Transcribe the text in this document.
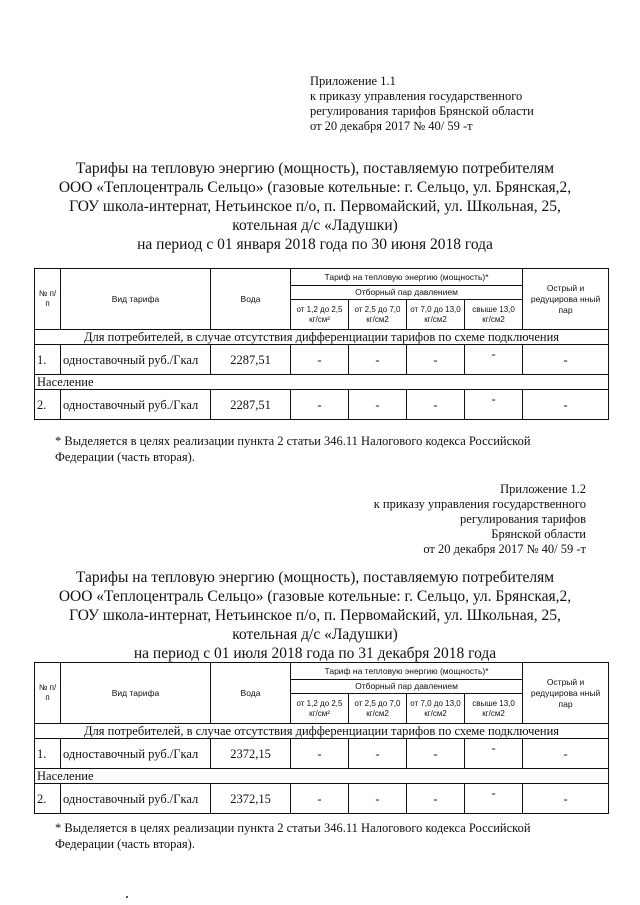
Приложение 1.1
к приказу управления государственного
регулирования тарифов Брянской области
от 20 декабря 2017 № 40/ 59 -т
Тарифы на тепловую энергию (мощность), поставляемую потребителям
ООО «Теплоцентраль Сельцо» (газовые котельные: г. Сельцо, ул. Брянская,2,
ГОУ школа-интернат, Нетьинское п/о, п. Первомайский, ул. Школьная, 25,
котельная д/с «Ладушки)
на период с 01 января 2018 года по 30 июня 2018 года
№ п/ п	Вид тарифа	Вода	Тариф на тепловую энергию (мощность)*				Острый и редуцирова нный пар
			Отборный пар давлением				
			от 1,2 до 2,5 кг/см²	от 2,5 до 7,0 кг/см2	от 7,0 до 13,0 кг/см2	свыше 13,0 кг/см2	
Для потребителей, в случае отсутствия дифференциации тарифов по схеме подключения							
1.	одноставочный руб./Гкал	2287,51	-	-	-	-	-
Население							
2.	одноставочный руб./Гкал	2287,51	-	-	-	-	-
* Выделяется в целях реализации пункта 2 статьи 346.11 Налогового кодекса Российской Федерации (часть вторая).
Приложение 1.2
к приказу управления государственного
регулирования тарифов
Брянской области
от 20 декабря 2017 № 40/ 59 -т
Тарифы на тепловую энергию (мощность), поставляемую потребителям
ООО «Теплоцентраль Сельцо» (газовые котельные: г. Сельцо, ул. Брянская,2,
ГОУ школа-интернат, Нетьинское п/о, п. Первомайский, ул. Школьная, 25,
котельная д/с «Ладушки)
на период с 01 июля 2018 года по 31 декабря 2018 года
№ п/ п	Вид тарифа	Вода	Тариф на тепловую энергию (мощность)*				Острый и редуцирова нный пар
			Отборный пар давлением				
			от 1,2 до 2,5 кг/см²	от 2,5 до 7,0 кг/см2	от 7,0 до 13,0 кг/см2	свыше 13,0 кг/см2	
Для потребителей, в случае отсутствия дифференциации тарифов по схеме подключения							
1.	одноставочный руб./Гкал	2372,15	-	-	-	-	-
Население							
2.	одноставочный руб./Гкал	2372,15	-	-	-	-	-
* Выделяется в целях реализации пункта 2 статьи 346.11 Налогового кодекса Российской Федерации (часть вторая).
